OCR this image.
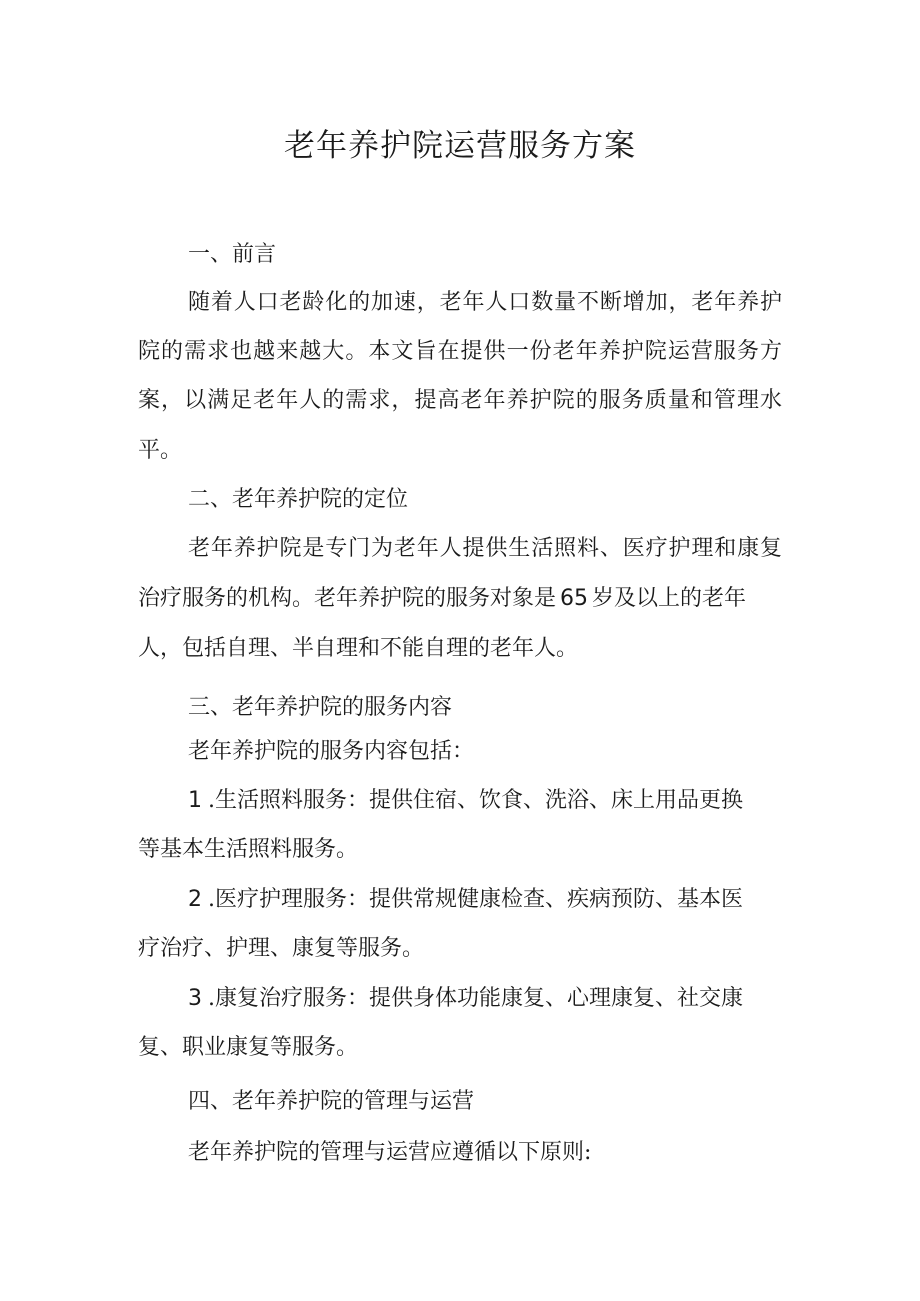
老年养护院运营服务方案

一、前言

随着人口老龄化的加速，老年人口数量不断增加，老年养护

院的需求也越来越大。本文旨在提供一份老年养护院运营服务方

案，以满足老年人的需求，提高老年养护院的服务质量和管理水

平。

二、老年养护院的定位

老年养护院是专门为老年人提供生活照料、医疗护理和康复

治疗服务的机构。老年养护院的服务对象是 65 岁及以上的老年

人，包括自理、半自理和不能自理的老年人。

三、老年养护院的服务内容

老年养护院的服务内容包括：

1 .生活照料服务：提供住宿、饮食、洗浴、床上用品更换

等基本生活照料服务。

2 .医疗护理服务：提供常规健康检查、疾病预防、基本医

疗治疗、护理、康复等服务。

3 .康复治疗服务：提供身体功能康复、心理康复、社交康

复、职业康复等服务。

四、老年养护院的管理与运营

老年养护院的管理与运营应遵循以下原则:
